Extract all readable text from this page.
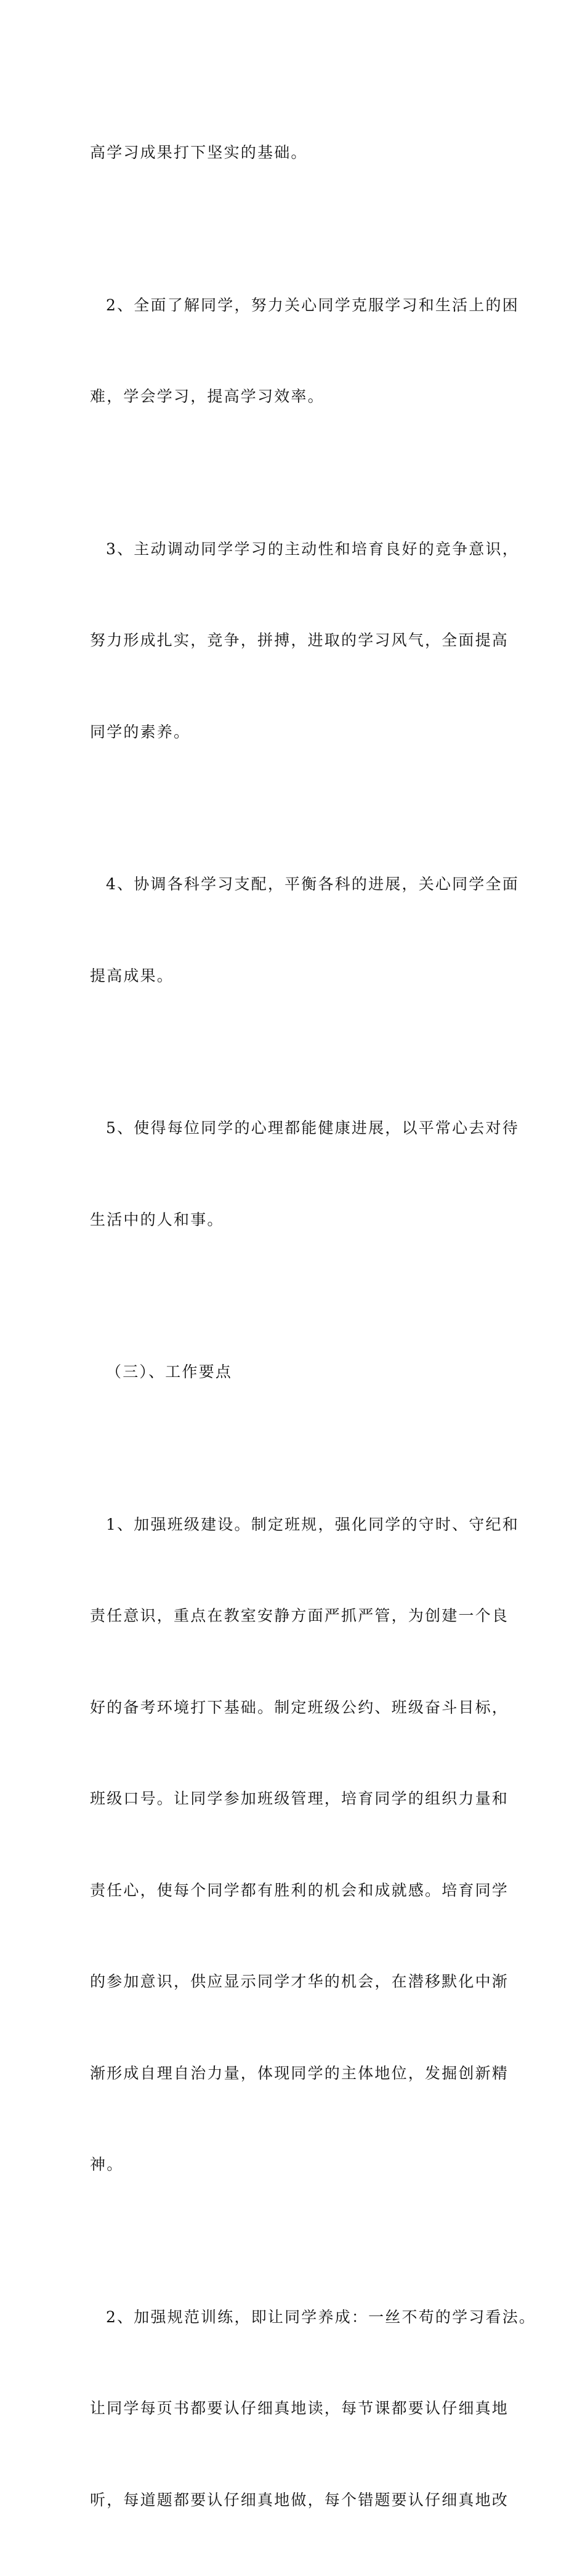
高学习成果打下坚实的基础。

2、全面了解同学，努力关心同学克服学习和生活上的困

难，学会学习，提高学习效率。

3、主动调动同学学习的主动性和培育良好的竞争意识，

努力形成扎实，竞争，拼搏，进取的学习风气，全面提高

同学的素养。

4、协调各科学习支配，平衡各科的进展，关心同学全面

提高成果。

5、使得每位同学的心理都能健康进展，以平常心去对待

生活中的人和事。

（三）、工作要点

1、加强班级建设。制定班规，强化同学的守时、守纪和

责任意识，重点在教室安静方面严抓严管，为创建一个良

好的备考环境打下基础。制定班级公约、班级奋斗目标，

班级口号。让同学参加班级管理，培育同学的组织力量和

责任心，使每个同学都有胜利的机会和成就感。培育同学

的参加意识，供应显示同学才华的机会，在潜移默化中渐

渐形成自理自治力量，体现同学的主体地位，发掘创新精

神。

2、加强规范训练，即让同学养成：一丝不苟的学习看法。

让同学每页书都要认仔细真地读，每节课都要认仔细真地

听，每道题都要认仔细真地做，每个错题要认仔细真地改
